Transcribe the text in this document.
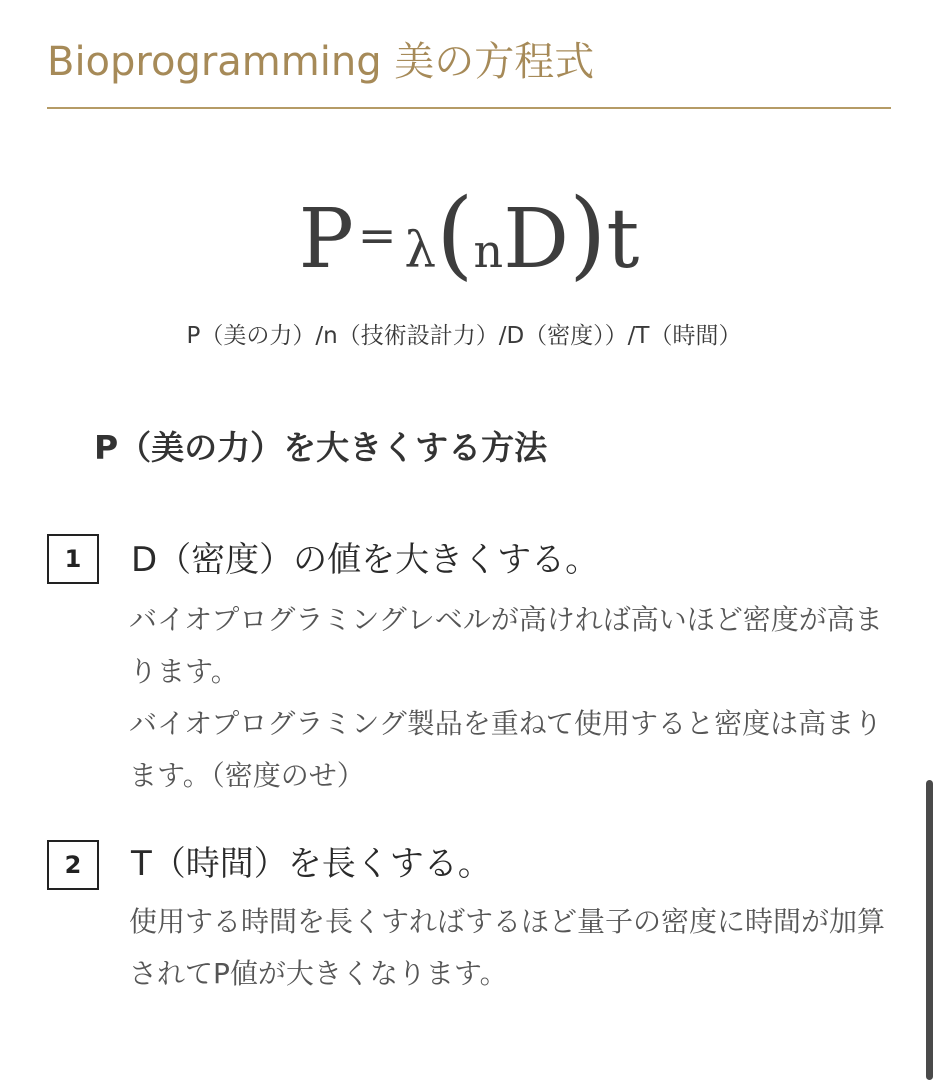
Bioprogramming 美の方程式
P= λ(nD)t
P（美の力）/n（技術設計力）/D（密度））/T（時間）
P（美の力）を大きくする方法
1	D（密度）の値を大きくする。

バイオプログラミングレベルが高ければ高いほど密度が高まります。

バイオプログラミング製品を重ねて使用すると密度は高まります。（密度のせ）

2	T（時間）を長くする。

使用する時間を長くすればするほど量子の密度に時間が加算されてP値が大きくなります。
